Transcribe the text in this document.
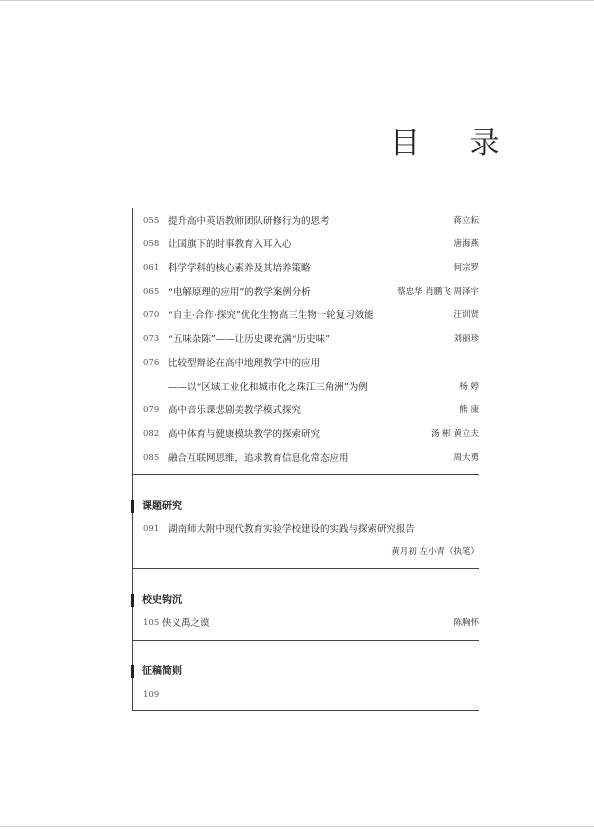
目 录
055 提升高中英语教师团队研修行为的思考	蒋立耘
058 让国旗下的时事教育入耳入心	唐海燕
061 科学学科的核心素养及其培养策略	何宗罗
065 “电解原理的应用”的教学案例分析	蔡忠华 肖鹏飞 周泽宇
070 “自主·合作·探究”优化生物高三生物一轮复习效能	汪训贤
073 “五味杂陈”——让历史课充满“历史味”	刘丽珍
076 比较型辩论在高中地理教学中的应用
——以“区域工业化和城市化之珠江三角洲”为例	杨 婷
079 高中音乐课悲剧美教学模式探究	熊 康
082 高中体育与健康模块教学的探索研究	汤 彬 黄立夫
085 融合互联网思维，追求教育信息化常态应用	周大勇
课题研究
091 湖南师大附中现代教育实验学校建设的实践与探索研究报告
黄月初 左小青（执笔）
校史钩沉
105 侠义禹之谟	陈胸怀
征稿简则
109
